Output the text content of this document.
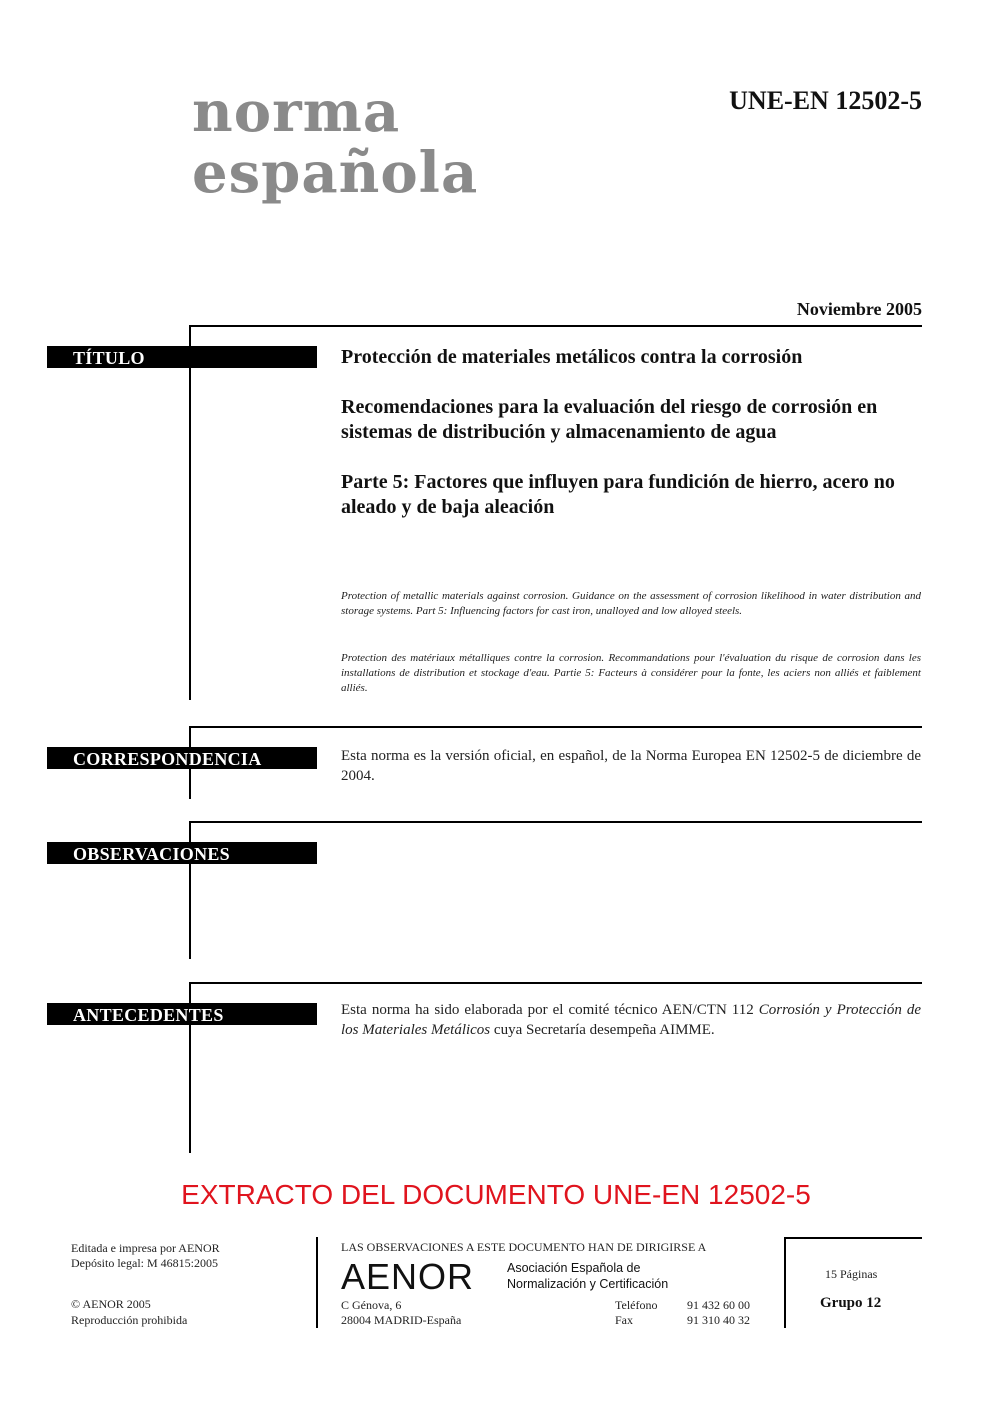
norma
española
UNE-EN 12502-5
Noviembre 2005
TÍTULO	Protección de materiales metálicos contra la corrosión
Recomendaciones para la evaluación del riesgo de corrosión en sistemas de distribución y almacenamiento de agua
Parte 5: Factores que influyen para fundición de hierro, acero no aleado y de baja aleación
Protection of metallic materials against corrosion. Guidance on the assessment of corrosion likelihood in water distribution and storage systems. Part 5: Influencing factors for cast iron, unalloyed and low alloyed steels.
Protection des matériaux métalliques contre la corrosion. Recommandations pour l'évaluation du risque de corrosion dans les installations de distribution et stockage d'eau. Partie 5: Facteurs à considérer pour la fonte, les aciers non alliés et faiblement alliés.
CORRESPONDENCIA	Esta norma es la versión oficial, en español, de la Norma Europea EN 12502-5 de diciembre de 2004.
OBSERVACIONES
ANTECEDENTES	Esta norma ha sido elaborada por el comité técnico AEN/CTN 112 Corrosión y Protección de los Materiales Metálicos cuya Secretaría desempeña AIMME.
EXTRACTO DEL DOCUMENTO UNE-EN 12502-5
Editada e impresa por AENOR
Depósito legal: M 46815:2005
© AENOR 2005
Reproducción prohibida
LAS OBSERVACIONES A ESTE DOCUMENTO HAN DE DIRIGIRSE A
AENOR	Asociación Española de
Normalización y Certificación
C Génova, 6
28004 MADRID-España
Teléfono 91 432 60 00
Fax	91 310 40 32
15 Páginas
Grupo 12
